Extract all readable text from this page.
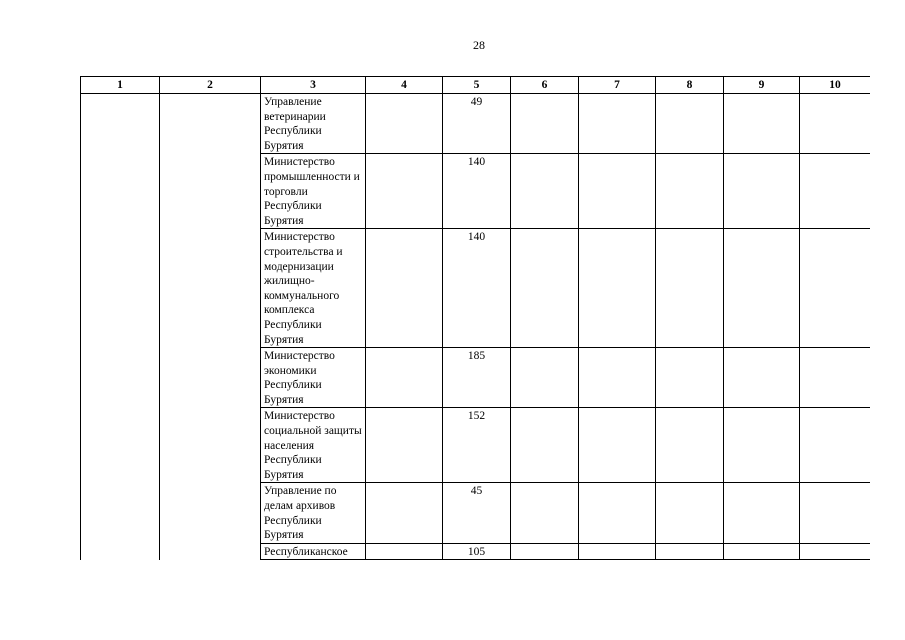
28
1	2	3	4	5	6	7	8	9	10
		Управление ветеринарии Республики Бурятия		49					
		Министерство промышленности и торговли Республики Бурятия		140					
		Министерство строительства и модернизации жилищно-коммунального комплекса Республики Бурятия		140					
		Министерство экономики Республики Бурятия		185					
		Министерство социальной защиты населения Республики Бурятия		152					
		Управление по делам архивов Республики Бурятия		45					
		Республиканское		105					
